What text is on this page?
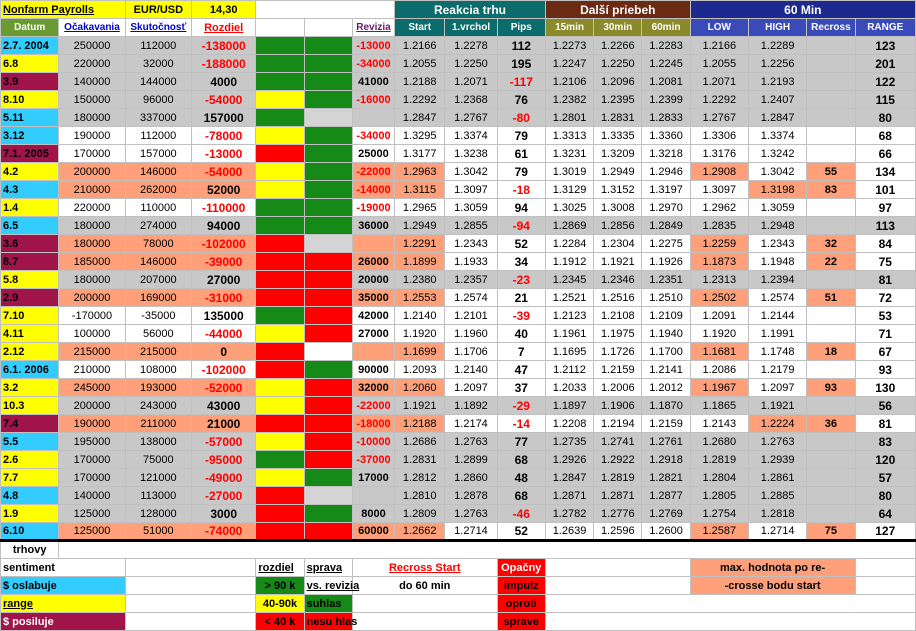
Nonfarm Payrolls		EUR/USD	14,30				Reakcia trhu			Další priebeh			60 Min			
Datum	Očakavania	Skutočnosť	Rozdiel			Revizia	Start	1.vrchol	Pips	15min	30min	60min	LOW	HIGH	Recross	RANGE
2.7. 2004	250000	112000	-138000			-13000	1.2166	1.2278	112	1.2273	1.2266	1.2283	1.2166	1.2289		123
6.8	220000	32000	-188000			-34000	1.2055	1.2250	195	1.2247	1.2250	1.2245	1.2055	1.2256		201
3.9	140000	144000	4000			41000	1.2188	1.2071	-117	1.2106	1.2096	1.2081	1.2071	1.2193		122
8.10	150000	96000	-54000			-16000	1.2292	1.2368	76	1.2382	1.2395	1.2399	1.2292	1.2407		115
5.11	180000	337000	157000				1.2847	1.2767	-80	1.2801	1.2831	1.2833	1.2767	1.2847		80
3.12	190000	112000	-78000			-34000	1.3295	1.3374	79	1.3313	1.3335	1.3360	1.3306	1.3374		68
7.1. 2005	170000	157000	-13000			25000	1.3177	1.3238	61	1.3231	1.3209	1.3218	1.3176	1.3242		66
4.2	200000	146000	-54000			-22000	1.2963	1.3042	79	1.3019	1.2949	1.2946	1.2908	1.3042	55	134
4.3	210000	262000	52000			-14000	1.3115	1.3097	-18	1.3129	1.3152	1.3197	1.3097	1.3198	83	101
1.4	220000	110000	-110000			-19000	1.2965	1.3059	94	1.3025	1.3008	1.2970	1.2962	1.3059		97
6.5	180000	274000	94000			36000	1.2949	1.2855	-94	1.2869	1.2856	1.2849	1.2835	1.2948		113
3.6	180000	78000	-102000				1.2291	1.2343	52	1.2284	1.2304	1.2275	1.2259	1.2343	32	84
8.7	185000	146000	-39000			26000	1.1899	1.1933	34	1.1912	1.1921	1.1926	1.1873	1.1948	22	75
5.8	180000	207000	27000			20000	1.2380	1.2357	-23	1.2345	1.2346	1.2351	1.2313	1.2394		81
2.9	200000	169000	-31000			35000	1.2553	1.2574	21	1.2521	1.2516	1.2510	1.2502	1.2574	51	72
7.10	-170000	-35000	135000			42000	1.2140	1.2101	-39	1.2123	1.2108	1.2109	1.2091	1.2144		53
4.11	100000	56000	-44000			27000	1.1920	1.1960	40	1.1961	1.1975	1.1940	1.1920	1.1991		71
2.12	215000	215000	0				1.1699	1.1706	7	1.1695	1.1726	1.1700	1.1681	1.1748	18	67
6.1. 2006	210000	108000	-102000			90000	1.2093	1.2140	47	1.2112	1.2159	1.2141	1.2086	1.2179		93
3.2	245000	193000	-52000			32000	1.2060	1.2097	37	1.2033	1.2006	1.2012	1.1967	1.2097	93	130
10.3	200000	243000	43000			-22000	1.1921	1.1892	-29	1.1897	1.1906	1.1870	1.1865	1.1921		56
7.4	190000	211000	21000			-18000	1.2188	1.2174	-14	1.2208	1.2194	1.2159	1.2143	1.2224	36	81
5.5	195000	138000	-57000			-10000	1.2686	1.2763	77	1.2735	1.2741	1.2761	1.2680	1.2763		83
2.6	170000	75000	-95000			-37000	1.2831	1.2899	68	1.2926	1.2922	1.2918	1.2819	1.2939		120
7.7	170000	121000	-49000			17000	1.2812	1.2860	48	1.2847	1.2819	1.2821	1.2804	1.2861		57
4.8	140000	113000	-27000				1.2810	1.2878	68	1.2871	1.2871	1.2877	1.2805	1.2885		80
1.9	125000	128000	3000			8000	1.2809	1.2763	-46	1.2782	1.2776	1.2769	1.2754	1.2818		64
6.10	125000	51000	-74000			60000	1.2662	1.2714	52	1.2639	1.2596	1.2600	1.2587	1.2714	75	127
trhovy																
sentiment				rozdiel	sprava	Recross Start			Opačny				max. hodnota po re-			
$ oslabuje				> 90 k	vs. revizia	do 60 min			impulz				-crosse bodu start			
range				40-90k	suhlas				oproti							
$ posiluje				< 40 k	nesu hlas				sprave							
